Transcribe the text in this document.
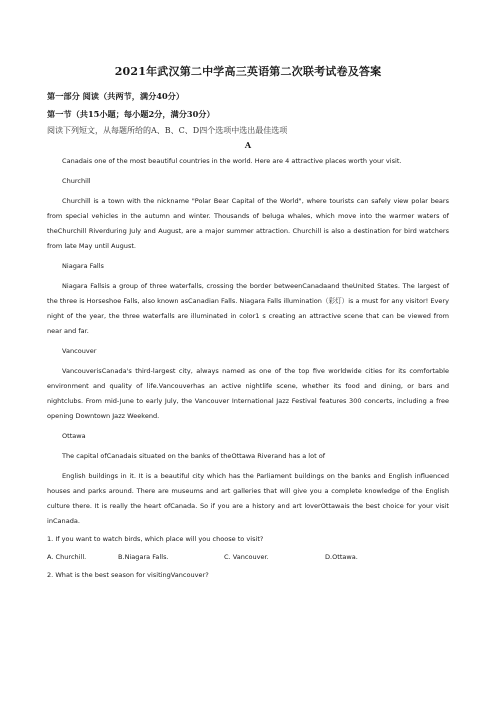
2021年武汉第二中学高三英语第二次联考试卷及答案
第一部分 阅读（共两节，满分40分）
第一节（共15小题；每小题2分，满分30分）
阅读下列短文，从每题所给的A、B、C、D四个选项中选出最佳选项
A

Canadais one of the most beautiful countries in the world. Here are 4 attractive places worth your visit.

Churchill

Churchill is a town with the nickname "Polar Bear Capital of the World", where tourists can safely view polar bears from special vehicles in the autumn and winter. Thousands of beluga whales, which move into the warmer waters of theChurchill Riverduring July and August, are a major summer attraction. Churchill is also a destination for bird watchers from late May until August.

Niagara Falls

Niagara Fallsis a group of three waterfalls, crossing the border betweenCanadaand theUnited States. The largest of the three is Horseshoe Falls, also known asCanadian Falls. Niagara Falls illumination（彩灯）is a must for any visitor! Every night of the year, the three waterfalls are illuminated in color1 s creating an attractive scene that can be viewed from near and far.

Vancouver

VancouverisCanada's third-largest city, always named as one of the top five worldwide cities for its comfortable environment and quality of life.Vancouverhas an active nightlife scene, whether its food and dining, or bars and nightclubs. From mid-June to early July, the Vancouver International Jazz Festival features 300 concerts, including a free opening Downtown Jazz Weekend.

Ottawa

The capital ofCanadais situated on the banks of theOttawa Riverand has a lot of

English buildings in it. It is a beautiful city which has the Parliament buildings on the banks and English influenced houses and parks around. There are museums and art galleries that will give you a complete knowledge of the English culture there. It is really the heart ofCanada. So if you are a history and art loverOttawais the best choice for your visit inCanada.

1. If you want to watch birds, which place will you choose to visit?
A. Churchill.	B.Niagara Falls.	C. Vancouver.	D.Ottawa.
2. What is the best season for visitingVancouver?
